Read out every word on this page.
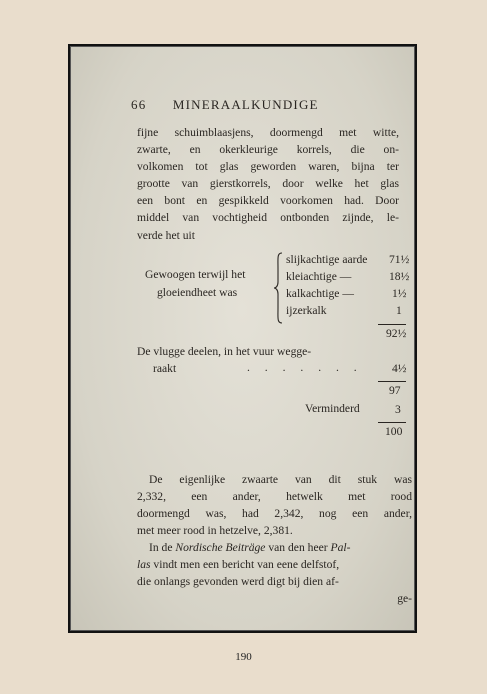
66 MINERAALKUNDIGE
fijne schuimblaasjens, doormengd met witte,
zwarte, en okerkleurige korrels, die on-
volkomen tot glas geworden waren, bijna ter
grootte van gierstkorrels, door welke het glas
een bont en gespikkeld voorkomen had. Door
middel van vochtigheid ontbonden zijnde, le-
verde het uit
Gewoogen terwijl het
gloeiendheet was
slijkachtige aarde 71½
kleiachtige —	18½
kalkachtige —	1½
ijzerkalk	1
92½
De vlugge deelen, in het vuur wegge-
raakt	. . . . . . .	4½
97
Verminderd	3
100
De eigenlijke zwaarte van dit stuk was
2,332, een ander, hetwelk met rood
doormengd was, had 2,342, nog een ander,
met meer rood in hetzelve, 2,381.
In de Nordische Beiträge van den heer Pal-
las vindt men een bericht van eene delfstof,
die onlangs gevonden werd digt bij dien af-
ge-
190
